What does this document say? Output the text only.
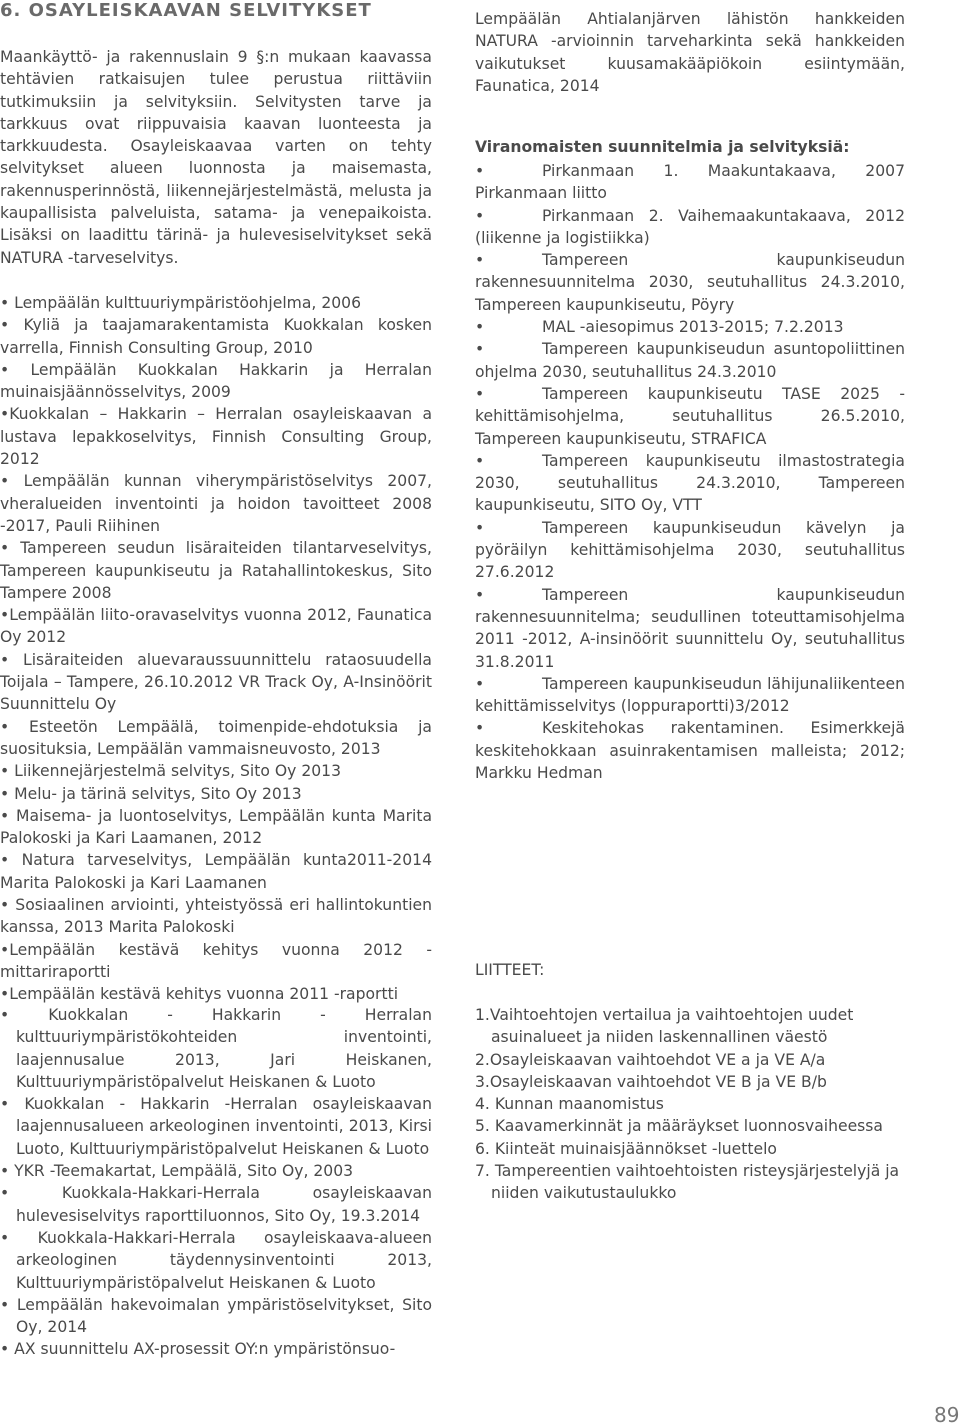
6. OSAYLEISKAAVAN SELVITYKSET

Maankäyttö- ja rakennuslain 9 §:n mukaan kaavassa tehtävien ratkaisujen tulee perustua riittäviin tutkimuksiin ja selvityksiin. Selvitysten tarve ja tarkkuus ovat riippuvaisia kaavan luonteesta ja tarkkuudesta. Osayleiskaavaa varten on tehty selvitykset alueen luonnosta ja maisemasta, rakennusperinnöstä, liikennejärjestelmästä, melusta ja kaupallisista palveluista, satama- ja venepaikoista. Lisäksi on laadittu tärinä- ja hulevesiselvitykset sekä NATURA -tarveselvitys.

• Lempäälän kulttuuriympäristöohjelma, 2006
• Kyliä ja taajamarakentamista Kuokkalan kosken varrella, Finnish Consulting Group, 2010
• Lempäälän Kuokkalan Hakkarin ja Herralan muinaisjäännösselvitys, 2009
•Kuokkalan – Hakkarin – Herralan osayleiskaavan a lustava lepakkoselvitys, Finnish Consulting Group, 2012
• Lempäälän kunnan viherympäristöselvitys 2007, vheralueiden inventointi ja hoidon tavoitteet 2008 -2017, Pauli Riihinen
• Tampereen seudun lisäraiteiden tilantarveselvitys, Tampereen kaupunkiseutu ja Ratahallintokeskus, Sito Tampere 2008
•Lempäälän liito-oravaselvitys vuonna 2012, Faunatica Oy 2012
• Lisäraiteiden aluevaraussuunnittelu rataosuudella Toijala – Tampere, 26.10.2012 VR Track Oy, A-Insinöörit Suunnittelu Oy
• Esteetön Lempäälä, toimenpide-ehdotuksia ja suosituksia, Lempäälän vammaisneuvosto, 2013
• Liikennejärjestelmä selvitys, Sito Oy 2013
• Melu- ja tärinä selvitys, Sito Oy 2013
• Maisema- ja luontoselvitys, Lempäälän kunta Marita Palokoski ja Kari Laamanen, 2012
• Natura tarveselvitys, Lempäälän kunta2011-2014 Marita Palokoski ja Kari Laamanen
• Sosiaalinen arviointi, yhteistyössä eri hallintokuntien kanssa, 2013 Marita Palokoski
•Lempäälän kestävä kehitys vuonna 2012 - mittariraportti
•Lempäälän kestävä kehitys vuonna 2011 -raportti
• Kuokkalan - Hakkarin - Herralan kulttuuriympäristökohteiden inventointi, laajennusalue 2013, Jari Heiskanen, Kulttuuriympäristöpalvelut Heiskanen & Luoto
• Kuokkalan - Hakkarin -Herralan osayleiskaavan laajennusalueen arkeologinen inventointi, 2013, Kirsi Luoto, Kulttuuriympäristöpalvelut Heiskanen & Luoto
• YKR -Teemakartat, Lempäälä, Sito Oy, 2003
• Kuokkala-Hakkari-Herrala osayleiskaavan hulevesiselvitys raporttiluonnos, Sito Oy, 19.3.2014
• Kuokkala-Hakkari-Herrala osayleiskaava-alueen arkeologinen täydennysinventointi 2013, Kulttuuriympäristöpalvelut Heiskanen & Luoto
• Lempäälän hakevoimalan ympäristöselvitykset, Sito Oy, 2014
• AX suunnittelu AX-prosessit OY:n ympäristönsuo-

Lempäälän Ahtialanjärven lähistön hankkeiden NATURA -arvioinnin tarveharkinta sekä hankkeiden vaikutukset kuusamakääpiökoin esiintymään, Faunatica, 2014

Viranomaisten suunnitelmia ja selvityksiä:

•	Pirkanmaan 1. Maakuntakaava, 2007 Pirkanmaan liitto
•	Pirkanmaan 2. Vaihemaakuntakaava, 2012 (liikenne ja logistiikka)
•	Tampereen kaupunkiseudun rakennesuunnitelma 2030, seutuhallitus 24.3.2010, Tampereen kaupunkiseutu, Pöyry
•	MAL -aiesopimus 2013-2015; 7.2.2013
•	Tampereen kaupunkiseudun asuntopoliittinen ohjelma 2030, seutuhallitus 24.3.2010
•	Tampereen kaupunkiseutu TASE 2025 -kehittämisohjelma, seutuhallitus 26.5.2010, Tampereen kaupunkiseutu, STRAFICA
•	Tampereen kaupunkiseutu ilmastostrategia 2030, seutuhallitus 24.3.2010, Tampereen kaupunkiseutu, SITO Oy, VTT
•	Tampereen kaupunkiseudun kävelyn ja pyöräilyn kehittämisohjelma 2030, seutuhallitus 27.6.2012
•	Tampereen kaupunkiseudun rakennesuunnitelma; seudullinen toteuttamisohjelma 2011 -2012, A-insinöörit suunnittelu Oy, seutuhallitus 31.8.2011
•	Tampereen kaupunkiseudun lähijunaliikenteen kehittämisselvitys (loppuraportti)3/2012
•	Keskitehokas rakentaminen. Esimerkkejä keskitehokkaan asuinrakentamisen malleista; 2012; Markku Hedman

LIITTEET:

1.Vaihtoehtojen vertailua ja vaihtoehtojen uudet asuinalueet ja niiden laskennallinen väestö
2.Osayleiskaavan vaihtoehdot VE a ja VE A/a
3.Osayleiskaavan vaihtoehdot VE B ja VE B/b
4. Kunnan maanomistus
5. Kaavamerkinnät ja määräykset luonnosvaiheessa
6. Kiinteät muinaisjäännökset -luettelo
7. Tampereentien vaihtoehtoisten risteysjärjestelyjä ja niiden vaikutustaulukko
89
